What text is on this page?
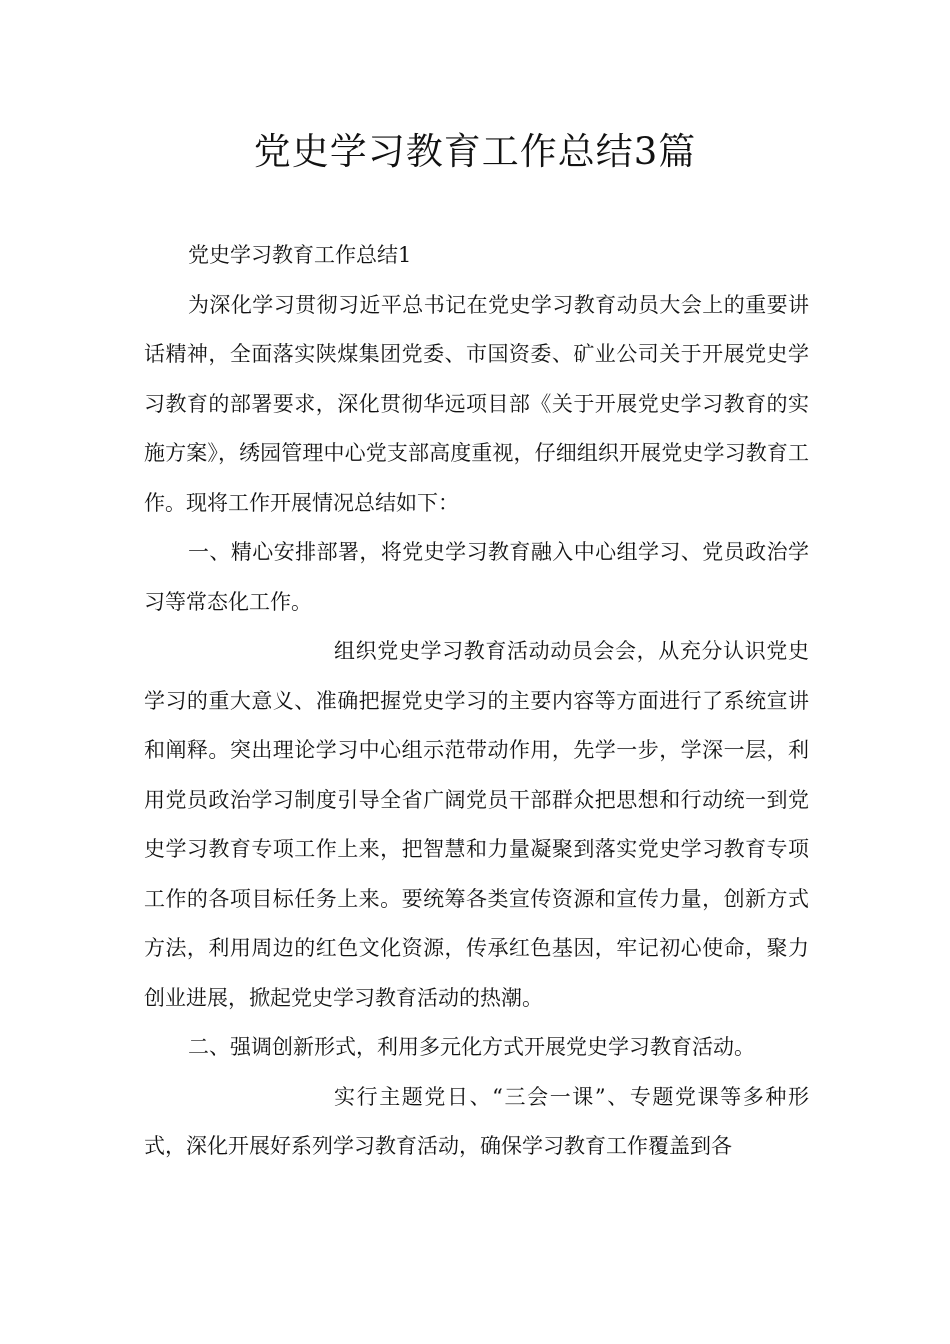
党史学习教育工作总结3篇

党史学习教育工作总结1

为深化学习贯彻习近平总书记在党史学习教育动员大会上的重要讲话精神，全面落实陕煤集团党委、市国资委、矿业公司关于开展党史学习教育的部署要求，深化贯彻华远项目部《关于开展党史学习教育的实施方案》，绣园管理中心党支部高度重视，仔细组织开展党史学习教育工作。现将工作开展情况总结如下：

一、精心安排部署，将党史学习教育融入中心组学习、党员政治学习等常态化工作。

组织党史学习教育活动动员会会，从充分认识党史学习的重大意义、准确把握党史学习的主要内容等方面进行了系统宣讲和阐释。突出理论学习中心组示范带动作用，先学一步，学深一层，利用党员政治学习制度引导全省广阔党员干部群众把思想和行动统一到党史学习教育专项工作上来，把智慧和力量凝聚到落实党史学习教育专项工作的各项目标任务上来。要统筹各类宣传资源和宣传力量，创新方式方法，利用周边的红色文化资源，传承红色基因，牢记初心使命，聚力创业进展，掀起党史学习教育活动的热潮。

二、强调创新形式，利用多元化方式开展党史学习教育活动。

实行主题党日、“三会一课”、专题党课等多种形式，深化开展好系列学习教育活动，确保学习教育工作覆盖到各
